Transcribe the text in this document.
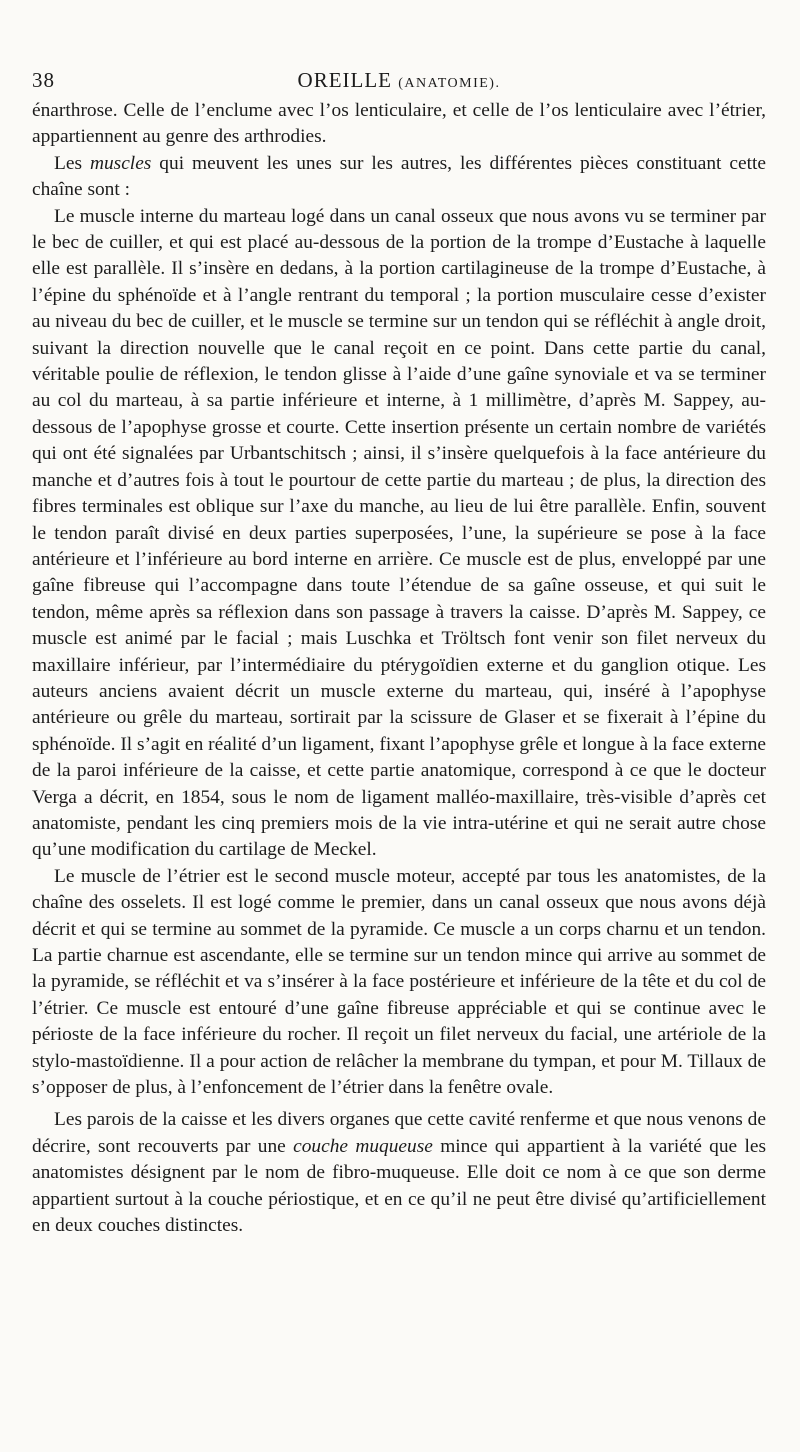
38	OREILLE (ANATOMIE).

énarthrose. Celle de l’enclume avec l’os lenticulaire, et celle de l’os lenticulaire avec l’étrier, appartiennent au genre des arthrodies.

Les muscles qui meuvent les unes sur les autres, les différentes pièces constituant cette chaîne sont :

Le muscle interne du marteau logé dans un canal osseux que nous avons vu se terminer par le bec de cuiller, et qui est placé au-dessous de la portion de la trompe d’Eustache à laquelle elle est parallèle. Il s’insère en dedans, à la portion cartilagineuse de la trompe d’Eustache, à l’épine du sphénoïde et à l’angle rentrant du temporal ; la portion musculaire cesse d’exister au niveau du bec de cuiller, et le muscle se termine sur un tendon qui se réfléchit à angle droit, suivant la direction nouvelle que le canal reçoit en ce point. Dans cette partie du canal, véritable poulie de réflexion, le tendon glisse à l’aide d’une gaîne synoviale et va se terminer au col du marteau, à sa partie inférieure et interne, à 1 millimètre, d’après M. Sappey, au-dessous de l’apophyse grosse et courte. Cette insertion présente un certain nombre de variétés qui ont été signalées par Urbantschitsch ; ainsi, il s’insère quelquefois à la face antérieure du manche et d’autres fois à tout le pourtour de cette partie du marteau ; de plus, la direction des fibres terminales est oblique sur l’axe du manche, au lieu de lui être parallèle. Enfin, souvent le tendon paraît divisé en deux parties superposées, l’une, la supérieure se pose à la face antérieure et l’inférieure au bord interne en arrière. Ce muscle est de plus, enveloppé par une gaîne fibreuse qui l’accompagne dans toute l’étendue de sa gaîne osseuse, et qui suit le tendon, même après sa réflexion dans son passage à travers la caisse. D’après M. Sappey, ce muscle est animé par le facial ; mais Luschka et Tröltsch font venir son filet nerveux du maxillaire inférieur, par l’intermédiaire du ptérygoïdien externe et du ganglion otique. Les auteurs anciens avaient décrit un muscle externe du marteau, qui, inséré à l’apophyse antérieure ou grêle du marteau, sortirait par la scissure de Glaser et se fixerait à l’épine du sphénoïde. Il s’agit en réalité d’un ligament, fixant l’apophyse grêle et longue à la face externe de la paroi inférieure de la caisse, et cette partie anatomique, correspond à ce que le docteur Verga a décrit, en 1854, sous le nom de ligament malléo-maxillaire, très-visible d’après cet anatomiste, pendant les cinq premiers mois de la vie intra-utérine et qui ne serait autre chose qu’une modification du cartilage de Meckel.

Le muscle de l’étrier est le second muscle moteur, accepté par tous les anatomistes, de la chaîne des osselets. Il est logé comme le premier, dans un canal osseux que nous avons déjà décrit et qui se termine au sommet de la pyramide. Ce muscle a un corps charnu et un tendon. La partie charnue est ascendante, elle se termine sur un tendon mince qui arrive au sommet de la pyramide, se réfléchit et va s’insérer à la face postérieure et inférieure de la tête et du col de l’étrier. Ce muscle est entouré d’une gaîne fibreuse appréciable et qui se continue avec le périoste de la face inférieure du rocher. Il reçoit un filet nerveux du facial, une artériole de la stylo-mastoïdienne. Il a pour action de relâcher la membrane du tympan, et pour M. Tillaux de s’opposer de plus, à l’enfoncement de l’étrier dans la fenêtre ovale.

Les parois de la caisse et les divers organes que cette cavité renferme et que nous venons de décrire, sont recouverts par une couche muqueuse mince qui appartient à la variété que les anatomistes désignent par le nom de fibro-muqueuse. Elle doit ce nom à ce que son derme appartient surtout à la couche périostique, et en ce qu’il ne peut être divisé qu’artificiellement en deux couches distinctes.
